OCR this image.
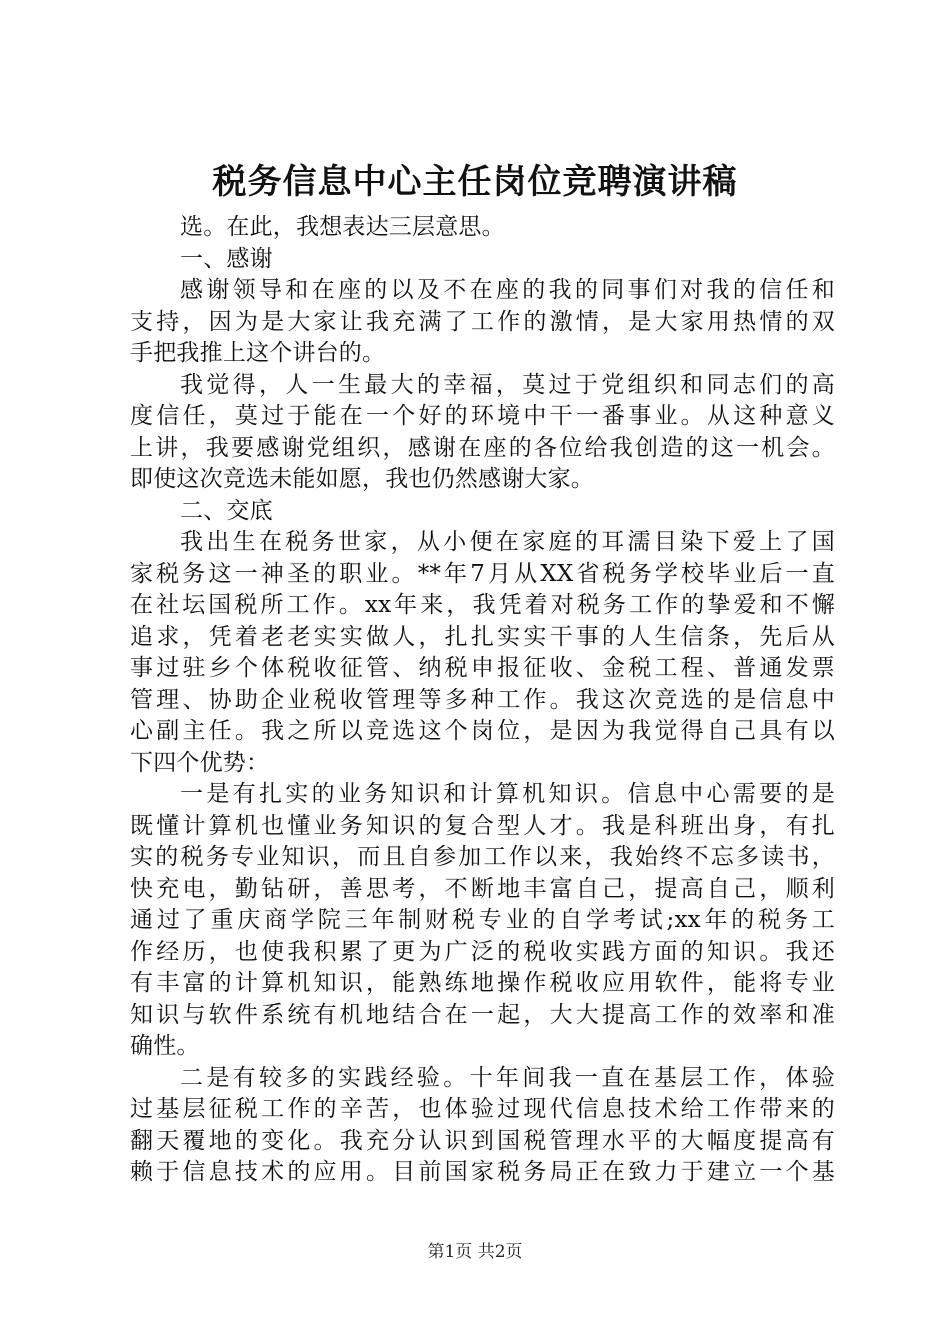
税务信息中心主任岗位竞聘演讲稿
选。在此，我想表达三层意思。
一、感谢
感谢领导和在座的以及不在座的我的同事们对我的信任和
支持，因为是大家让我充满了工作的激情，是大家用热情的双
手把我推上这个讲台的。
我觉得，人一生最大的幸福，莫过于党组织和同志们的高
度信任，莫过于能在一个好的环境中干一番事业。从这种意义
上讲，我要感谢党组织，感谢在座的各位给我创造的这一机会。
即使这次竞选未能如愿，我也仍然感谢大家。
二、交底
我出生在税务世家，从小便在家庭的耳濡目染下爱上了国
家税务这一神圣的职业。**年7月从XX省税务学校毕业后一直
在社坛国税所工作。xx年来，我凭着对税务工作的挚爱和不懈
追求，凭着老老实实做人，扎扎实实干事的人生信条，先后从
事过驻乡个体税收征管、纳税申报征收、金税工程、普通发票
管理、协助企业税收管理等多种工作。我这次竞选的是信息中
心副主任。我之所以竞选这个岗位，是因为我觉得自己具有以
下四个优势：
一是有扎实的业务知识和计算机知识。信息中心需要的是
既懂计算机也懂业务知识的复合型人才。我是科班出身，有扎
实的税务专业知识，而且自参加工作以来，我始终不忘多读书，
快充电，勤钻研，善思考，不断地丰富自己，提高自己，顺利
通过了重庆商学院三年制财税专业的自学考试;xx年的税务工
作经历，也使我积累了更为广泛的税收实践方面的知识。我还
有丰富的计算机知识，能熟练地操作税收应用软件，能将专业
知识与软件系统有机地结合在一起，大大提高工作的效率和准
确性。
二是有较多的实践经验。十年间我一直在基层工作，体验
过基层征税工作的辛苦，也体验过现代信息技术给工作带来的
翻天覆地的变化。我充分认识到国税管理水平的大幅度提高有
赖于信息技术的应用。目前国家税务局正在致力于建立一个基
第1页 共2页
